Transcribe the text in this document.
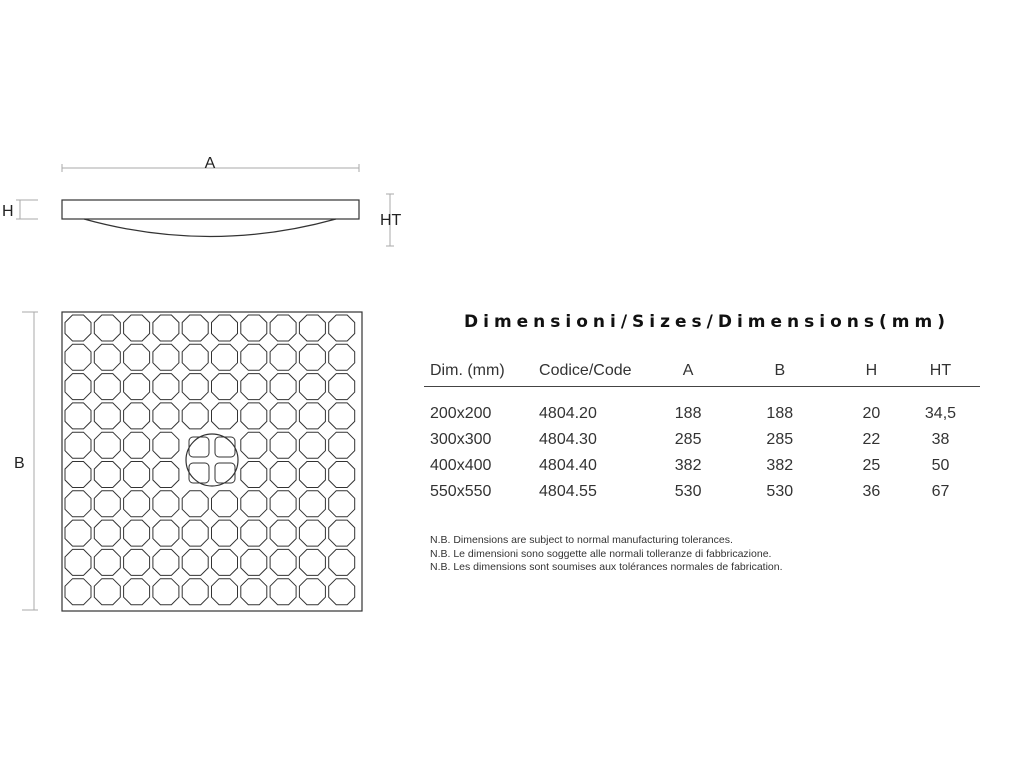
A
H
HT
B
Dimensioni/Sizes/Dimensions(mm)
Dim. (mm)	Codice/Code	A	B	H	HT
200x200	4804.20	188	188	20	34,5
300x300	4804.30	285	285	22	38
400x400	4804.40	382	382	25	50
550x550	4804.55	530	530	36	67
N.B. Dimensions are subject to normal manufacturing tolerances.
N.B. Le dimensioni sono soggette alle normali tolleranze di fabbricazione.
N.B. Les dimensions sont soumises aux tolérances normales de fabrication.
